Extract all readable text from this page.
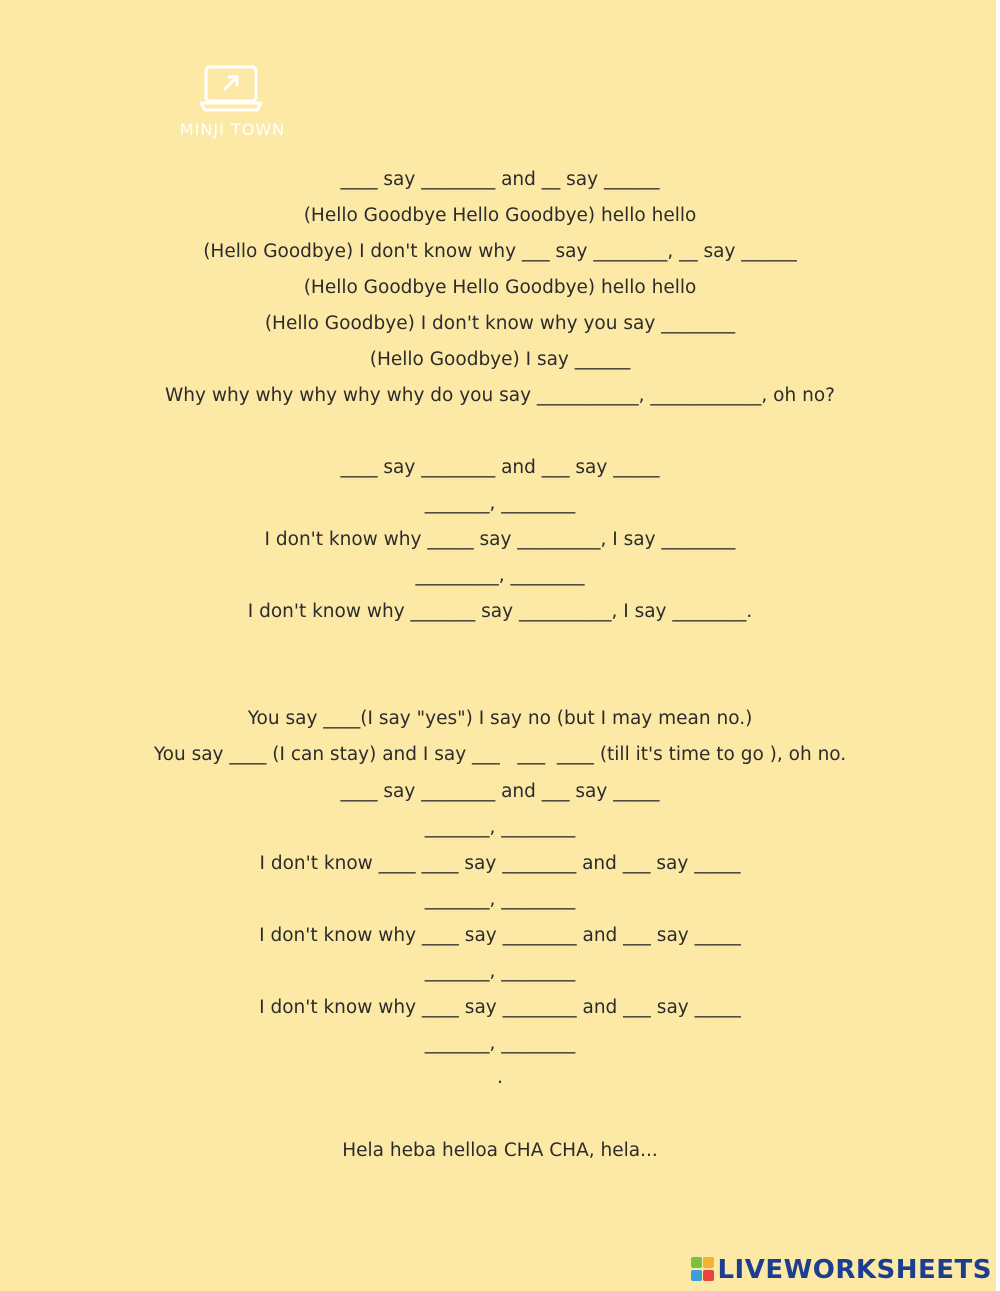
MINJI TOWN
____ say ________ and __ say ______
(Hello Goodbye Hello Goodbye) hello hello
(Hello Goodbye) I don't know why ___ say ________, __ say ______
(Hello Goodbye Hello Goodbye) hello hello
(Hello Goodbye) I don't know why you say ________
(Hello Goodbye) I say ______
Why why why why why why do you say ___________, ____________, oh no?
____ say ________ and ___ say _____
_______, ________
I don't know why _____ say _________, I say ________
_________, ________
I don't know why _______ say __________, I say ________.
You say ____(I say "yes") I say no (but I may mean no.)
You say ____ (I can stay) and I say ___   ___  ____ (till it's time to go ), oh no.
____ say ________ and ___ say _____
_______, ________
I don't know ____ ____ say ________ and ___ say _____
_______, ________
I don't know why ____ say ________ and ___ say _____
_______, ________
I don't know why ____ say ________ and ___ say _____
_______, ________
.
Hela heba helloa CHA CHA, hela...
LIVEWORKSHEETS
